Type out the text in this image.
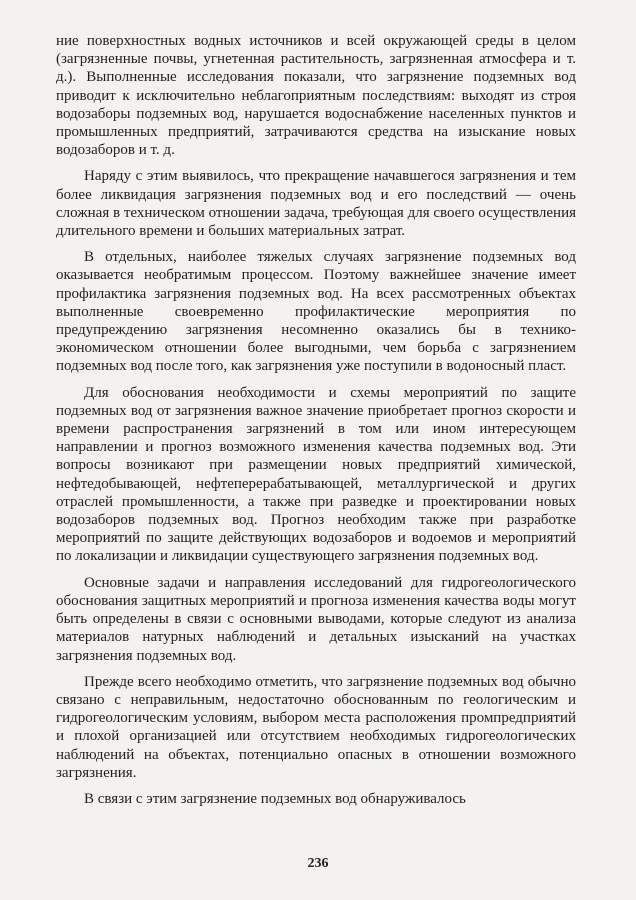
ние поверхностных водных источников и всей окружающей среды в целом (загрязненные почвы, угнетенная растительность, загрязненная атмосфера и т. д.). Выполненные исследования показали, что загрязнение подземных вод приводит к исключительно неблагоприятным последствиям: выходят из строя водозаборы подземных вод, нарушается водоснабжение населенных пунктов и промышленных предприятий, затрачиваются средства на изыскание новых водозаборов и т. д.

Наряду с этим выявилось, что прекращение начавшегося загрязнения и тем более ликвидация загрязнения подземных вод и его последствий — очень сложная в техническом отношении задача, требующая для своего осуществления длительного времени и больших материальных затрат.

В отдельных, наиболее тяжелых случаях загрязнение подземных вод оказывается необратимым процессом. Поэтому важнейшее значение имеет профилактика загрязнения подземных вод. На всех рассмотренных объектах выполненные своевременно профилактические мероприятия по предупреждению загрязнения несомненно оказались бы в технико-экономическом отношении более выгодными, чем борьба с загрязнением подземных вод после того, как загрязнения уже поступили в водоносный пласт.

Для обоснования необходимости и схемы мероприятий по защите подземных вод от загрязнения важное значение приобретает прогноз скорости и времени распространения загрязнений в том или ином интересующем направлении и прогноз возможного изменения качества подземных вод. Эти вопросы возникают при размещении новых предприятий химической, нефтедобывающей, нефтеперерабатывающей, металлургической и других отраслей промышленности, а также при разведке и проектировании новых водозаборов подземных вод. Прогноз необходим также при разработке мероприятий по защите действующих водозаборов и водоемов и мероприятий по локализации и ликвидации существующего загрязнения подземных вод.

Основные задачи и направления исследований для гидрогеологического обоснования защитных мероприятий и прогноза изменения качества воды могут быть определены в связи с основными выводами, которые следуют из анализа материалов натурных наблюдений и детальных изысканий на участках загрязнения подземных вод.

Прежде всего необходимо отметить, что загрязнение подземных вод обычно связано с неправильным, недостаточно обоснованным по геологическим и гидрогеологическим условиям, выбором места расположения промпредприятий и плохой организацией или отсутствием необходимых гидрогеологических наблюдений на объектах, потенциально опасных в отношении возможного загрязнения.

В связи с этим загрязнение подземных вод обнаруживалось

236
